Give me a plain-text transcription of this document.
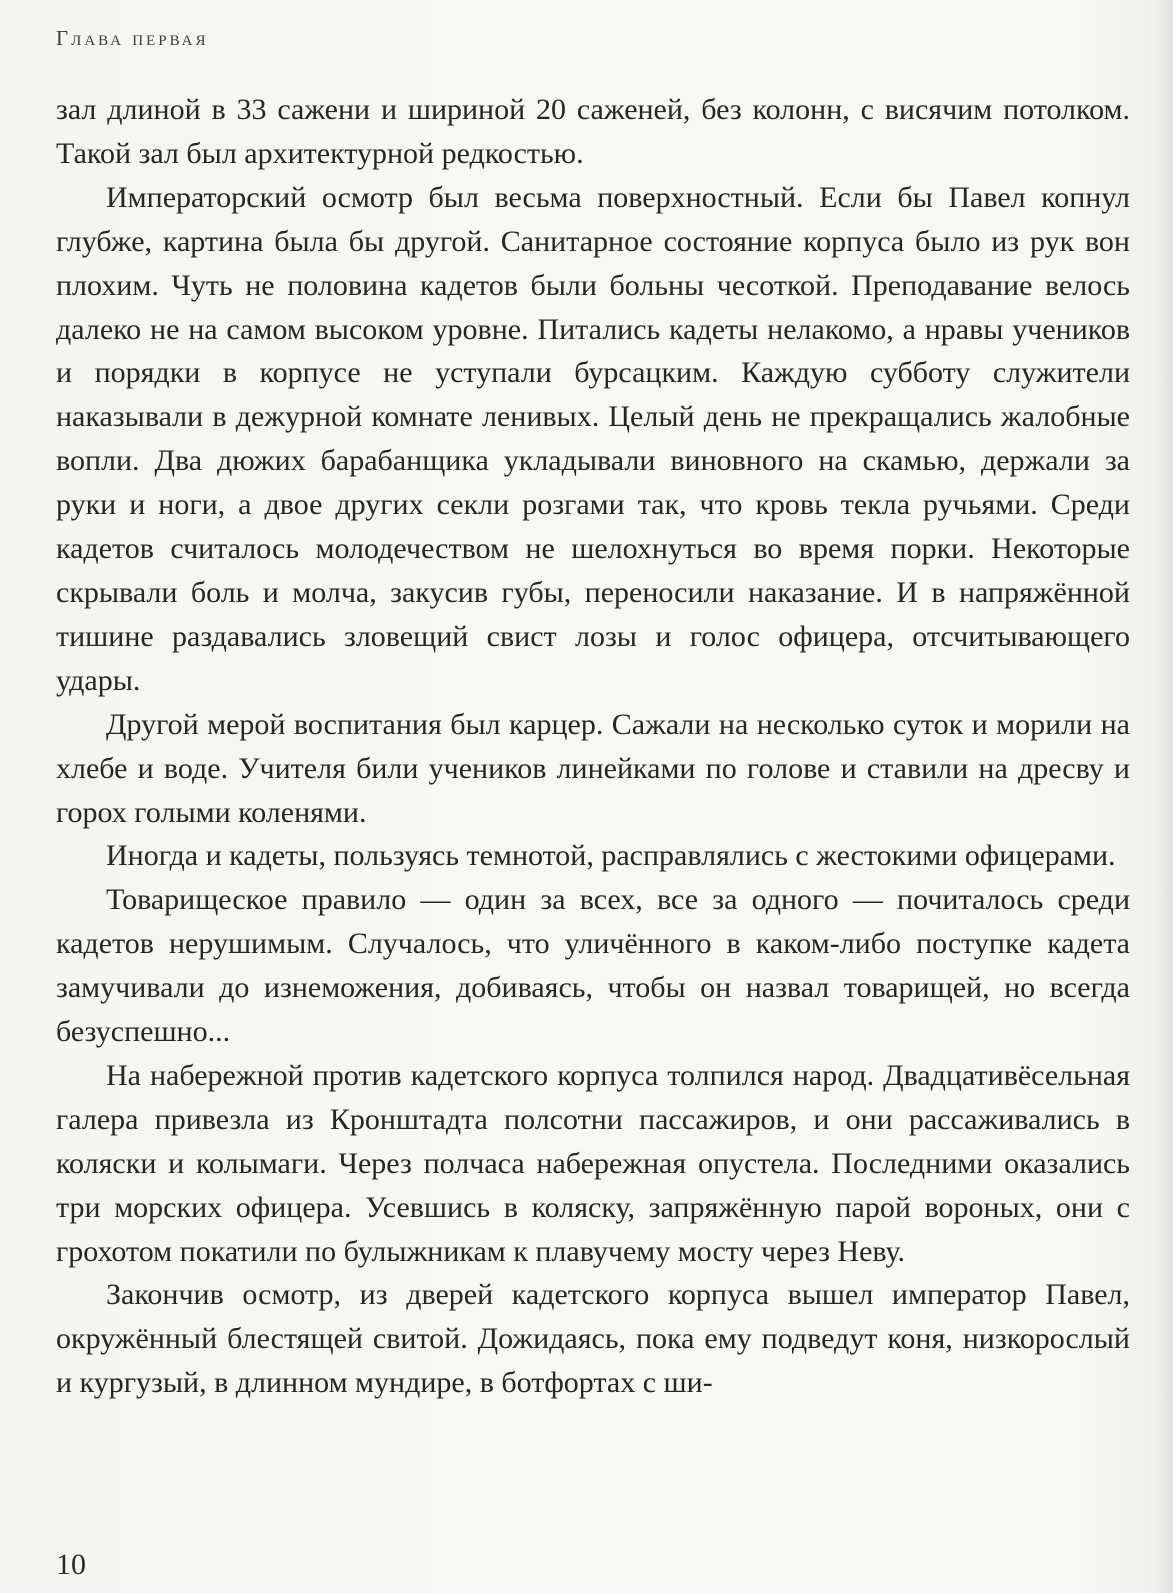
Глава первая

зал длиной в 33 сажени и шириной 20 саженей, без колонн, с висячим потолком. Такой зал был архитектурной редкостью.

Императорский осмотр был весьма поверхностный. Если бы Павел копнул глубже, картина была бы другой. Санитарное состояние корпуса было из рук вон плохим. Чуть не половина кадетов были больны чесоткой. Преподавание велось далеко не на самом высоком уровне. Питались кадеты нелакомо, а нравы учеников и порядки в корпусе не уступали бурсацким. Каждую субботу служители наказывали в дежурной комнате ленивых. Целый день не прекращались жалобные вопли. Два дюжих барабанщика укладывали виновного на скамью, держали за руки и ноги, а двое других секли розгами так, что кровь текла ручьями. Среди кадетов считалось молодечеством не шелохнуться во время порки. Некоторые скрывали боль и молча, закусив губы, переносили наказание. И в напряжённой тишине раздавались зловещий свист лозы и голос офицера, отсчитывающего удары.

Другой мерой воспитания был карцер. Сажали на несколько суток и морили на хлебе и воде. Учителя били учеников линейками по голове и ставили на дресву и горох голыми коленями.

Иногда и кадеты, пользуясь темнотой, расправлялись с жестокими офицерами.

Товарищеское правило — один за всех, все за одного — почиталось среди кадетов нерушимым. Случалось, что уличённого в каком-либо поступке кадета замучивали до изнеможения, добиваясь, чтобы он назвал товарищей, но всегда безуспешно...

На набережной против кадетского корпуса толпился народ. Двадцативёсельная галера привезла из Кронштадта полсотни пассажиров, и они рассаживались в коляски и колымаги. Через полчаса набережная опустела. Последними оказались три морских офицера. Усевшись в коляску, запряжённую парой вороных, они с грохотом покатили по булыжникам к плавучему мосту через Неву.

Закончив осмотр, из дверей кадетского корпуса вышел император Павел, окружённый блестящей свитой. Дожидаясь, пока ему подведут коня, низкорослый и кургузый, в длинном мундире, в ботфортах с ши-

10
